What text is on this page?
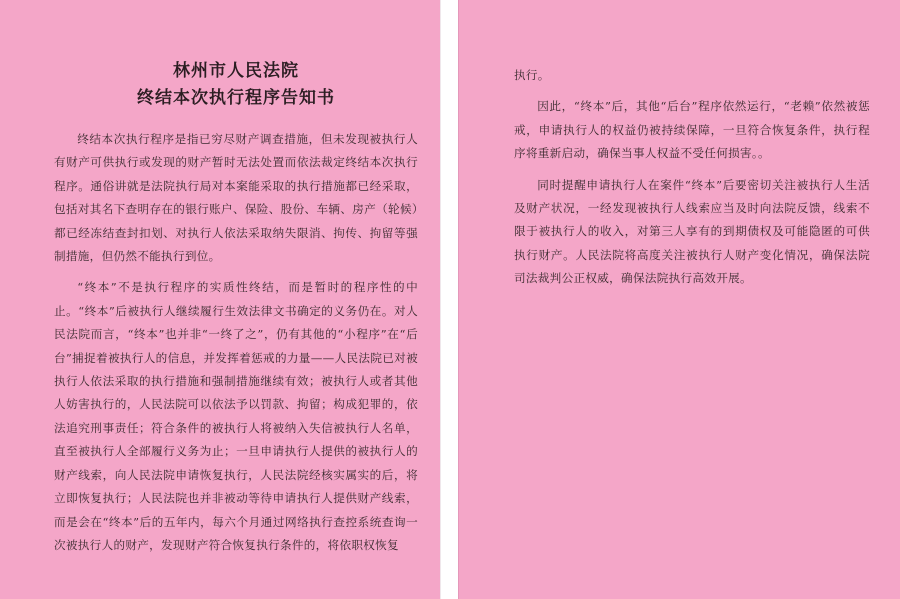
林州市人民法院
终结本次执行程序告知书

终结本次执行程序是指已穷尽财产调查措施，但未发现被执行人有财产可供执行或发现的财产暂时无法处置而依法裁定终结本次执行程序。通俗讲就是法院执行局对本案能采取的执行措施都已经采取，包括对其名下查明存在的银行账户、保险、股份、车辆、房产（轮候）都已经冻结查封扣划、对执行人依法采取纳失限消、拘传、拘留等强制措施，但仍然不能执行到位。

“终本”不是执行程序的实质性终结，而是暂时的程序性的中止。“终本”后被执行人继续履行生效法律文书确定的义务仍在。对人民法院而言，“终本”也并非“一终了之”，仍有其他的“小程序”在“后台”捕捉着被执行人的信息，并发挥着惩戒的力量——人民法院已对被执行人依法采取的执行措施和强制措施继续有效；被执行人或者其他人妨害执行的，人民法院可以依法予以罚款、拘留；构成犯罪的，依法追究刑事责任；符合条件的被执行人将被纳入失信被执行人名单，直至被执行人全部履行义务为止；一旦申请执行人提供的被执行人的财产线索，向人民法院申请恢复执行，人民法院经核实属实的后，将立即恢复执行；人民法院也并非被动等待申请执行人提供财产线索，而是会在“终本”后的五年内，每六个月通过网络执行查控系统查询一次被执行人的财产，发现财产符合恢复执行条件的，将依职权恢复

执行。

因此，“终本”后，其他“后台”程序依然运行，“老赖”依然被惩戒，申请执行人的权益仍被持续保障，一旦符合恢复条件，执行程序将重新启动，确保当事人权益不受任何损害。。

同时提醒申请执行人在案件“终本”后要密切关注被执行人生活及财产状况，一经发现被执行人线索应当及时向法院反馈，线索不限于被执行人的收入，对第三人享有的到期债权及可能隐匿的可供执行财产。人民法院将高度关注被执行人财产变化情况，确保法院司法裁判公正权威，确保法院执行高效开展。
